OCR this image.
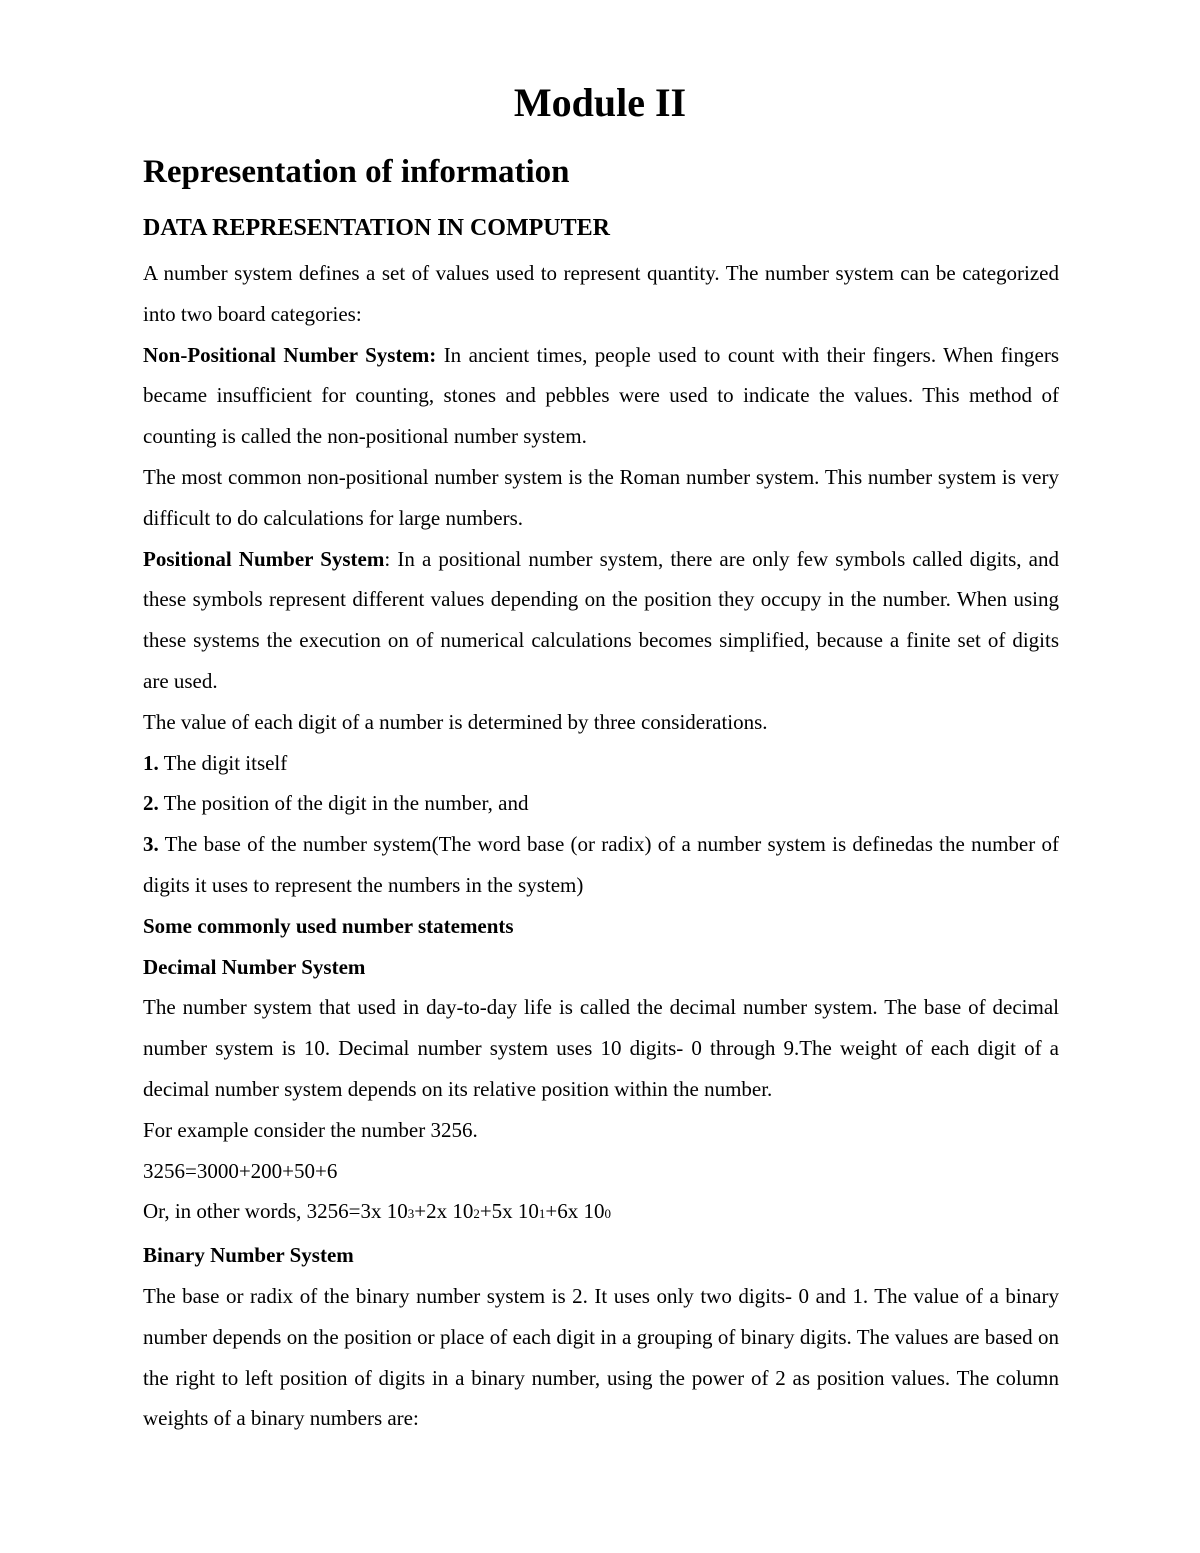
Module II
Representation of information
DATA REPRESENTATION IN COMPUTER

A number system defines a set of values used to represent quantity. The number system can be categorized into two board categories:

Non-Positional Number System: In ancient times, people used to count with their fingers. When fingers became insufficient for counting, stones and pebbles were used to indicate the values. This method of counting is called the non-positional number system.

The most common non-positional number system is the Roman number system. This number system is very difficult to do calculations for large numbers.

Positional Number System: In a positional number system, there are only few symbols called digits, and these symbols represent different values depending on the position they occupy in the number. When using these systems the execution on of numerical calculations becomes simplified, because a finite set of digits are used.

The value of each digit of a number is determined by three considerations.

1. The digit itself

2. The position of the digit in the number, and

3. The base of the number system(The word base (or radix) of a number system is definedas the number of digits it uses to represent the numbers in the system)

Some commonly used number statements

Decimal Number System

The number system that used in day-to-day life is called the decimal number system. The base of decimal number system is 10. Decimal number system uses 10 digits- 0 through 9.The weight of each digit of a decimal number system depends on its relative position within the number.

For example consider the number 3256.

3256=3000+200+50+6

Or, in other words, 3256=3x 103+2x 102+5x 101+6x 100

Binary Number System

The base or radix of the binary number system is 2. It uses only two digits- 0 and 1. The value of a binary number depends on the position or place of each digit in a grouping of binary digits. The values are based on the right to left position of digits in a binary number, using the power of 2 as position values. The column weights of a binary numbers are:
